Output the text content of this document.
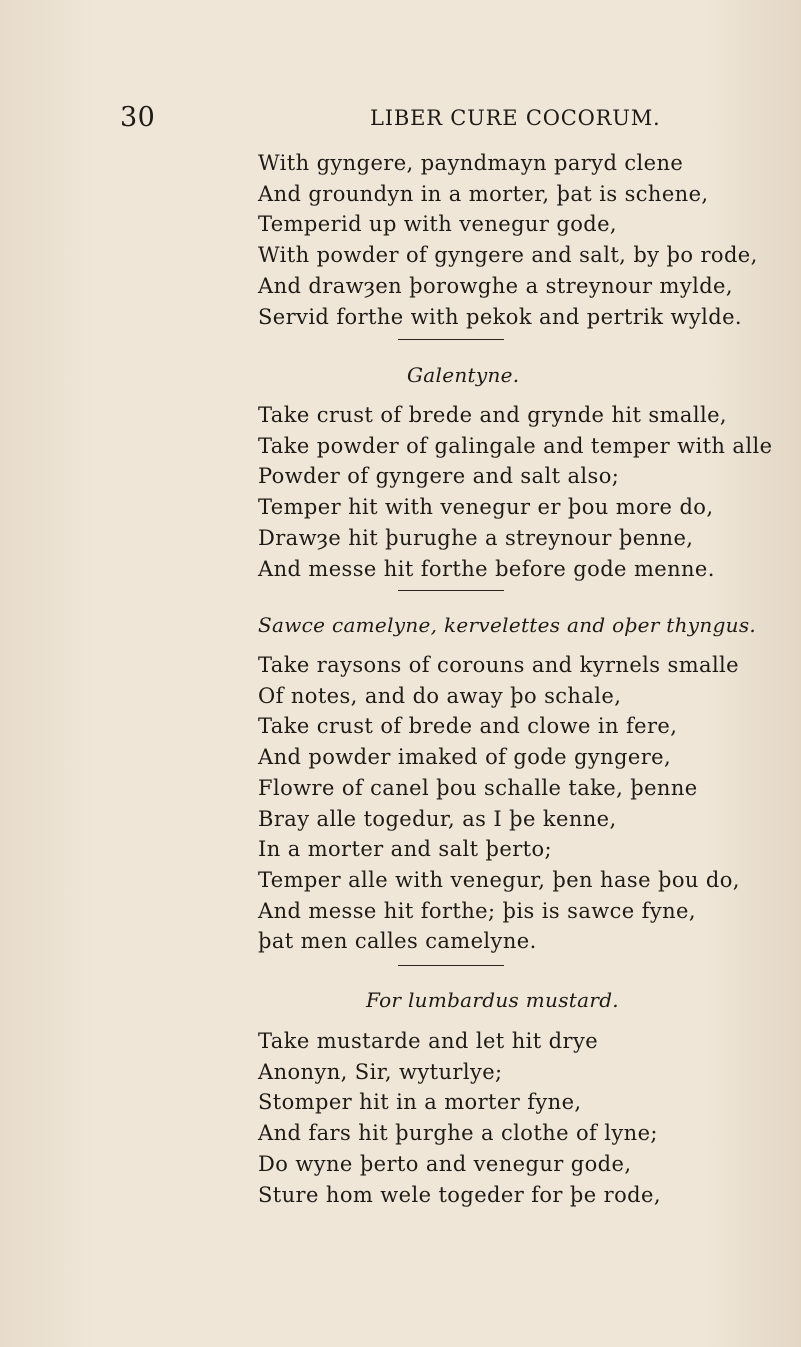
30	LIBER CURE COCORUM.
With gyngere, payndmayn paryd clene
And groundyn in a morter, þat is schene,
Temperid up with venegur gode,
With powder of gyngere and salt, by þo rode,
And drawȝen þorowghe a streynour mylde,
Servid forthe with pekok and pertrik wylde.
Galentyne.
Take crust of brede and grynde hit smalle,
Take powder of galingale and temper with alle
Powder of gyngere and salt also;
Temper hit with venegur er þou more do,
Drawȝe hit þurughe a streynour þenne,
And messe hit forthe before gode menne.
Sawce camelyne, kervelettes and oþer thyngus.
Take raysons of corouns and kyrnels smalle
Of notes, and do away þo schale,
Take crust of brede and clowe in fere,
And powder imaked of gode gyngere,
Flowre of canel þou schalle take, þenne
Bray alle togedur, as I þe kenne,
In a morter and salt þerto;
Temper alle with venegur, þen hase þou do,
And messe hit forthe; þis is sawce fyne,
þat men calles camelyne.
For lumbardus mustard.
Take mustarde and let hit drye
Anonyn, Sir, wyturlye;
Stomper hit in a morter fyne,
And fars hit þurghe a clothe of lyne;
Do wyne þerto and venegur gode,
Sture hom wele togeder for þe rode,
